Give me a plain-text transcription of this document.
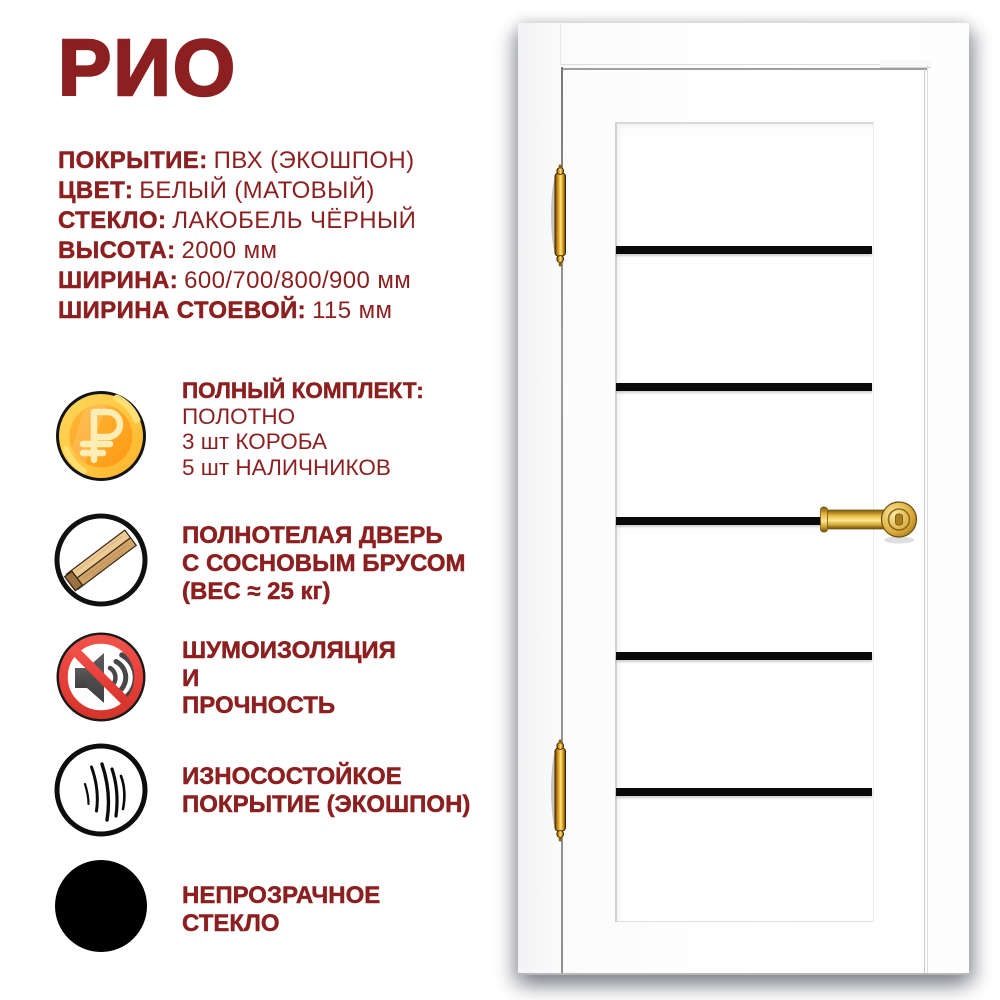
РИО
ПОКРЫТИЕ: ПВХ (ЭКОШПОН)
ЦВЕТ: БЕЛЫЙ (МАТОВЫЙ)
СТЕКЛО: ЛАКОБЕЛЬ ЧЁРНЫЙ
ВЫСОТА: 2000 мм
ШИРИНА: 600/700/800/900 мм
ШИРИНА СТОЕВОЙ: 115 мм
ПОЛНЫЙ КОМПЛЕКТ:
ПОЛОТНО
3 шт КОРОБА
5 шт НАЛИЧНИКОВ
ПОЛНОТЕЛАЯ ДВЕРЬ
С СОСНОВЫМ БРУСОМ
(ВЕС ≈ 25 кг)
ШУМОИЗОЛЯЦИЯ
И
ПРОЧНОСТЬ
ИЗНОСОСТОЙКОЕ
ПОКРЫТИЕ (ЭКОШПОН)
НЕПРОЗРАЧНОЕ
СТЕКЛО
